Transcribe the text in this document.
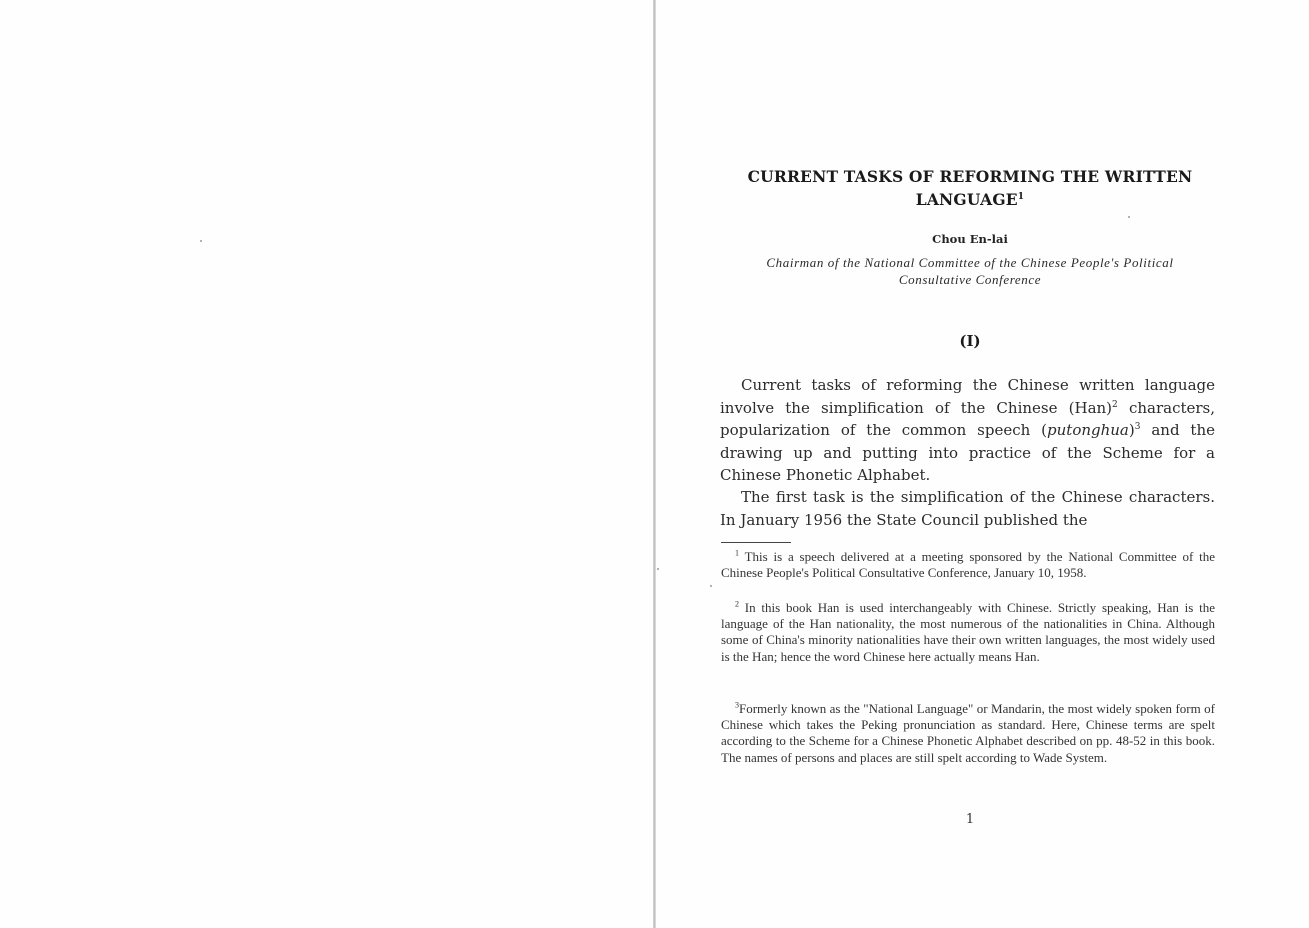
CURRENT TASKS OF REFORMING THE WRITTEN LANGUAGE$^1$
Chou En-lai
Chairman of the National Committee of the Chinese People's Political Consultative Conference
(I)

Current tasks of reforming the Chinese written language involve the simplification of the Chinese (Han)$^2$ characters, popularization of the common speech (putonghua)$^3$ and the drawing up and putting into practice of the Scheme for a Chinese Phonetic Alphabet.

The first task is the simplification of the Chinese characters. In January 1956 the State Council published the

$^1$ This is a speech delivered at a meeting sponsored by the National Committee of the Chinese People's Political Consultative Conference, January 10, 1958.

$^2$ In this book Han is used interchangeably with Chinese. Strictly speaking, Han is the language of the Han nationality, the most numerous of the nationalities in China. Although some of China's minority nationalities have their own written languages, the most widely used is the Han; hence the word Chinese here actually means Han.

$^3$Formerly known as the "National Language" or Mandarin, the most widely spoken form of Chinese which takes the Peking pronunciation as standard. Here, Chinese terms are spelt according to the Scheme for a Chinese Phonetic Alphabet described on pp. 48-52 in this book. The names of persons and places are still spelt according to Wade System.

1
